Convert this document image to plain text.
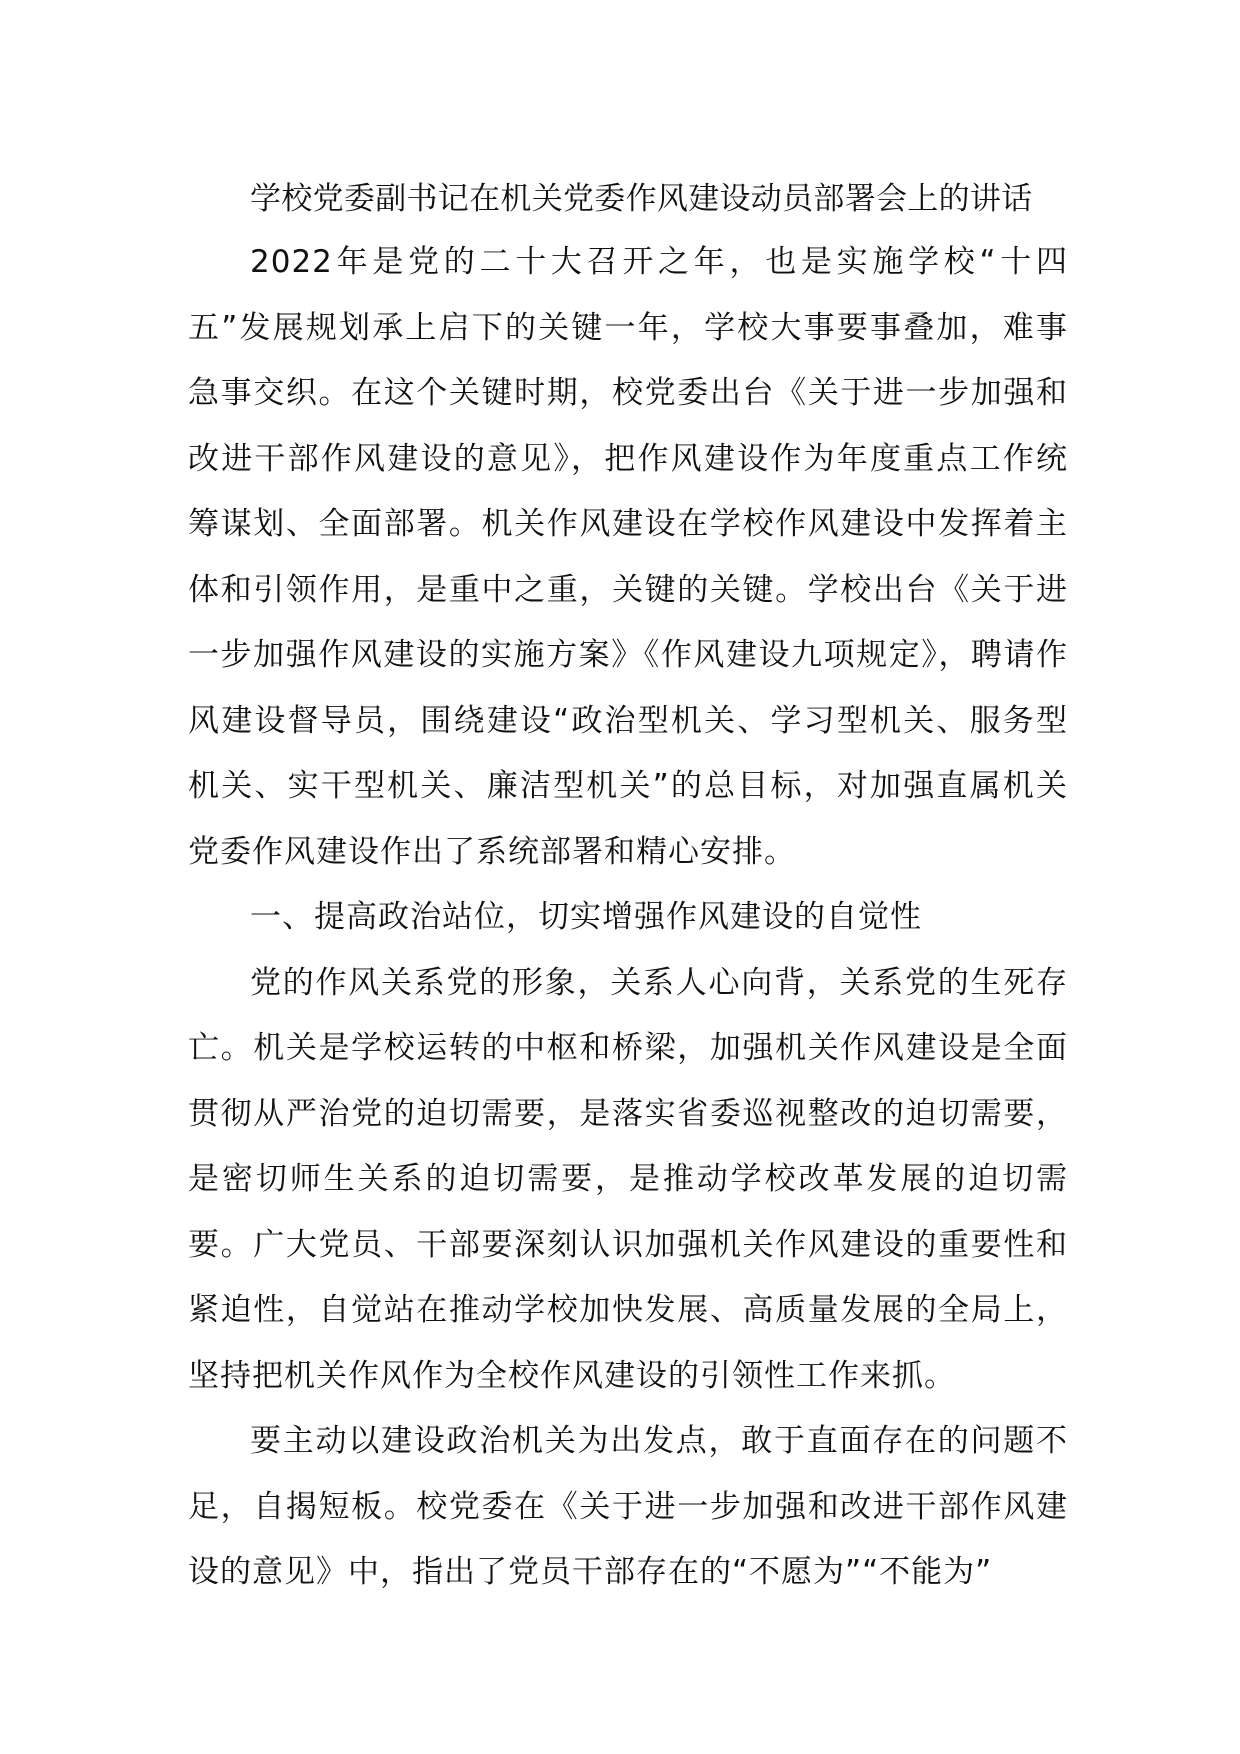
学校党委副书记在机关党委作风建设动员部署会上的讲话

2022年是党的二十大召开之年，也是实施学校“十四五”发展规划承上启下的关键一年，学校大事要事叠加，难事急事交织。在这个关键时期，校党委出台《关于进一步加强和改进干部作风建设的意见》，把作风建设作为年度重点工作统筹谋划、全面部署。机关作风建设在学校作风建设中发挥着主体和引领作用，是重中之重，关键的关键。学校出台《关于进一步加强作风建设的实施方案》《作风建设九项规定》，聘请作风建设督导员，围绕建设“政治型机关、学习型机关、服务型机关、实干型机关、廉洁型机关”的总目标，对加强直属机关党委作风建设作出了系统部署和精心安排。

一、提高政治站位，切实增强作风建设的自觉性

党的作风关系党的形象，关系人心向背，关系党的生死存亡。机关是学校运转的中枢和桥梁，加强机关作风建设是全面贯彻从严治党的迫切需要，是落实省委巡视整改的迫切需要，是密切师生关系的迫切需要，是推动学校改革发展的迫切需要。广大党员、干部要深刻认识加强机关作风建设的重要性和紧迫性，自觉站在推动学校加快发展、高质量发展的全局上，坚持把机关作风作为全校作风建设的引领性工作来抓。

要主动以建设政治机关为出发点，敢于直面存在的问题不足，自揭短板。校党委在《关于进一步加强和改进干部作风建设的意见》中，指出了党员干部存在的“不愿为”“不能为”
